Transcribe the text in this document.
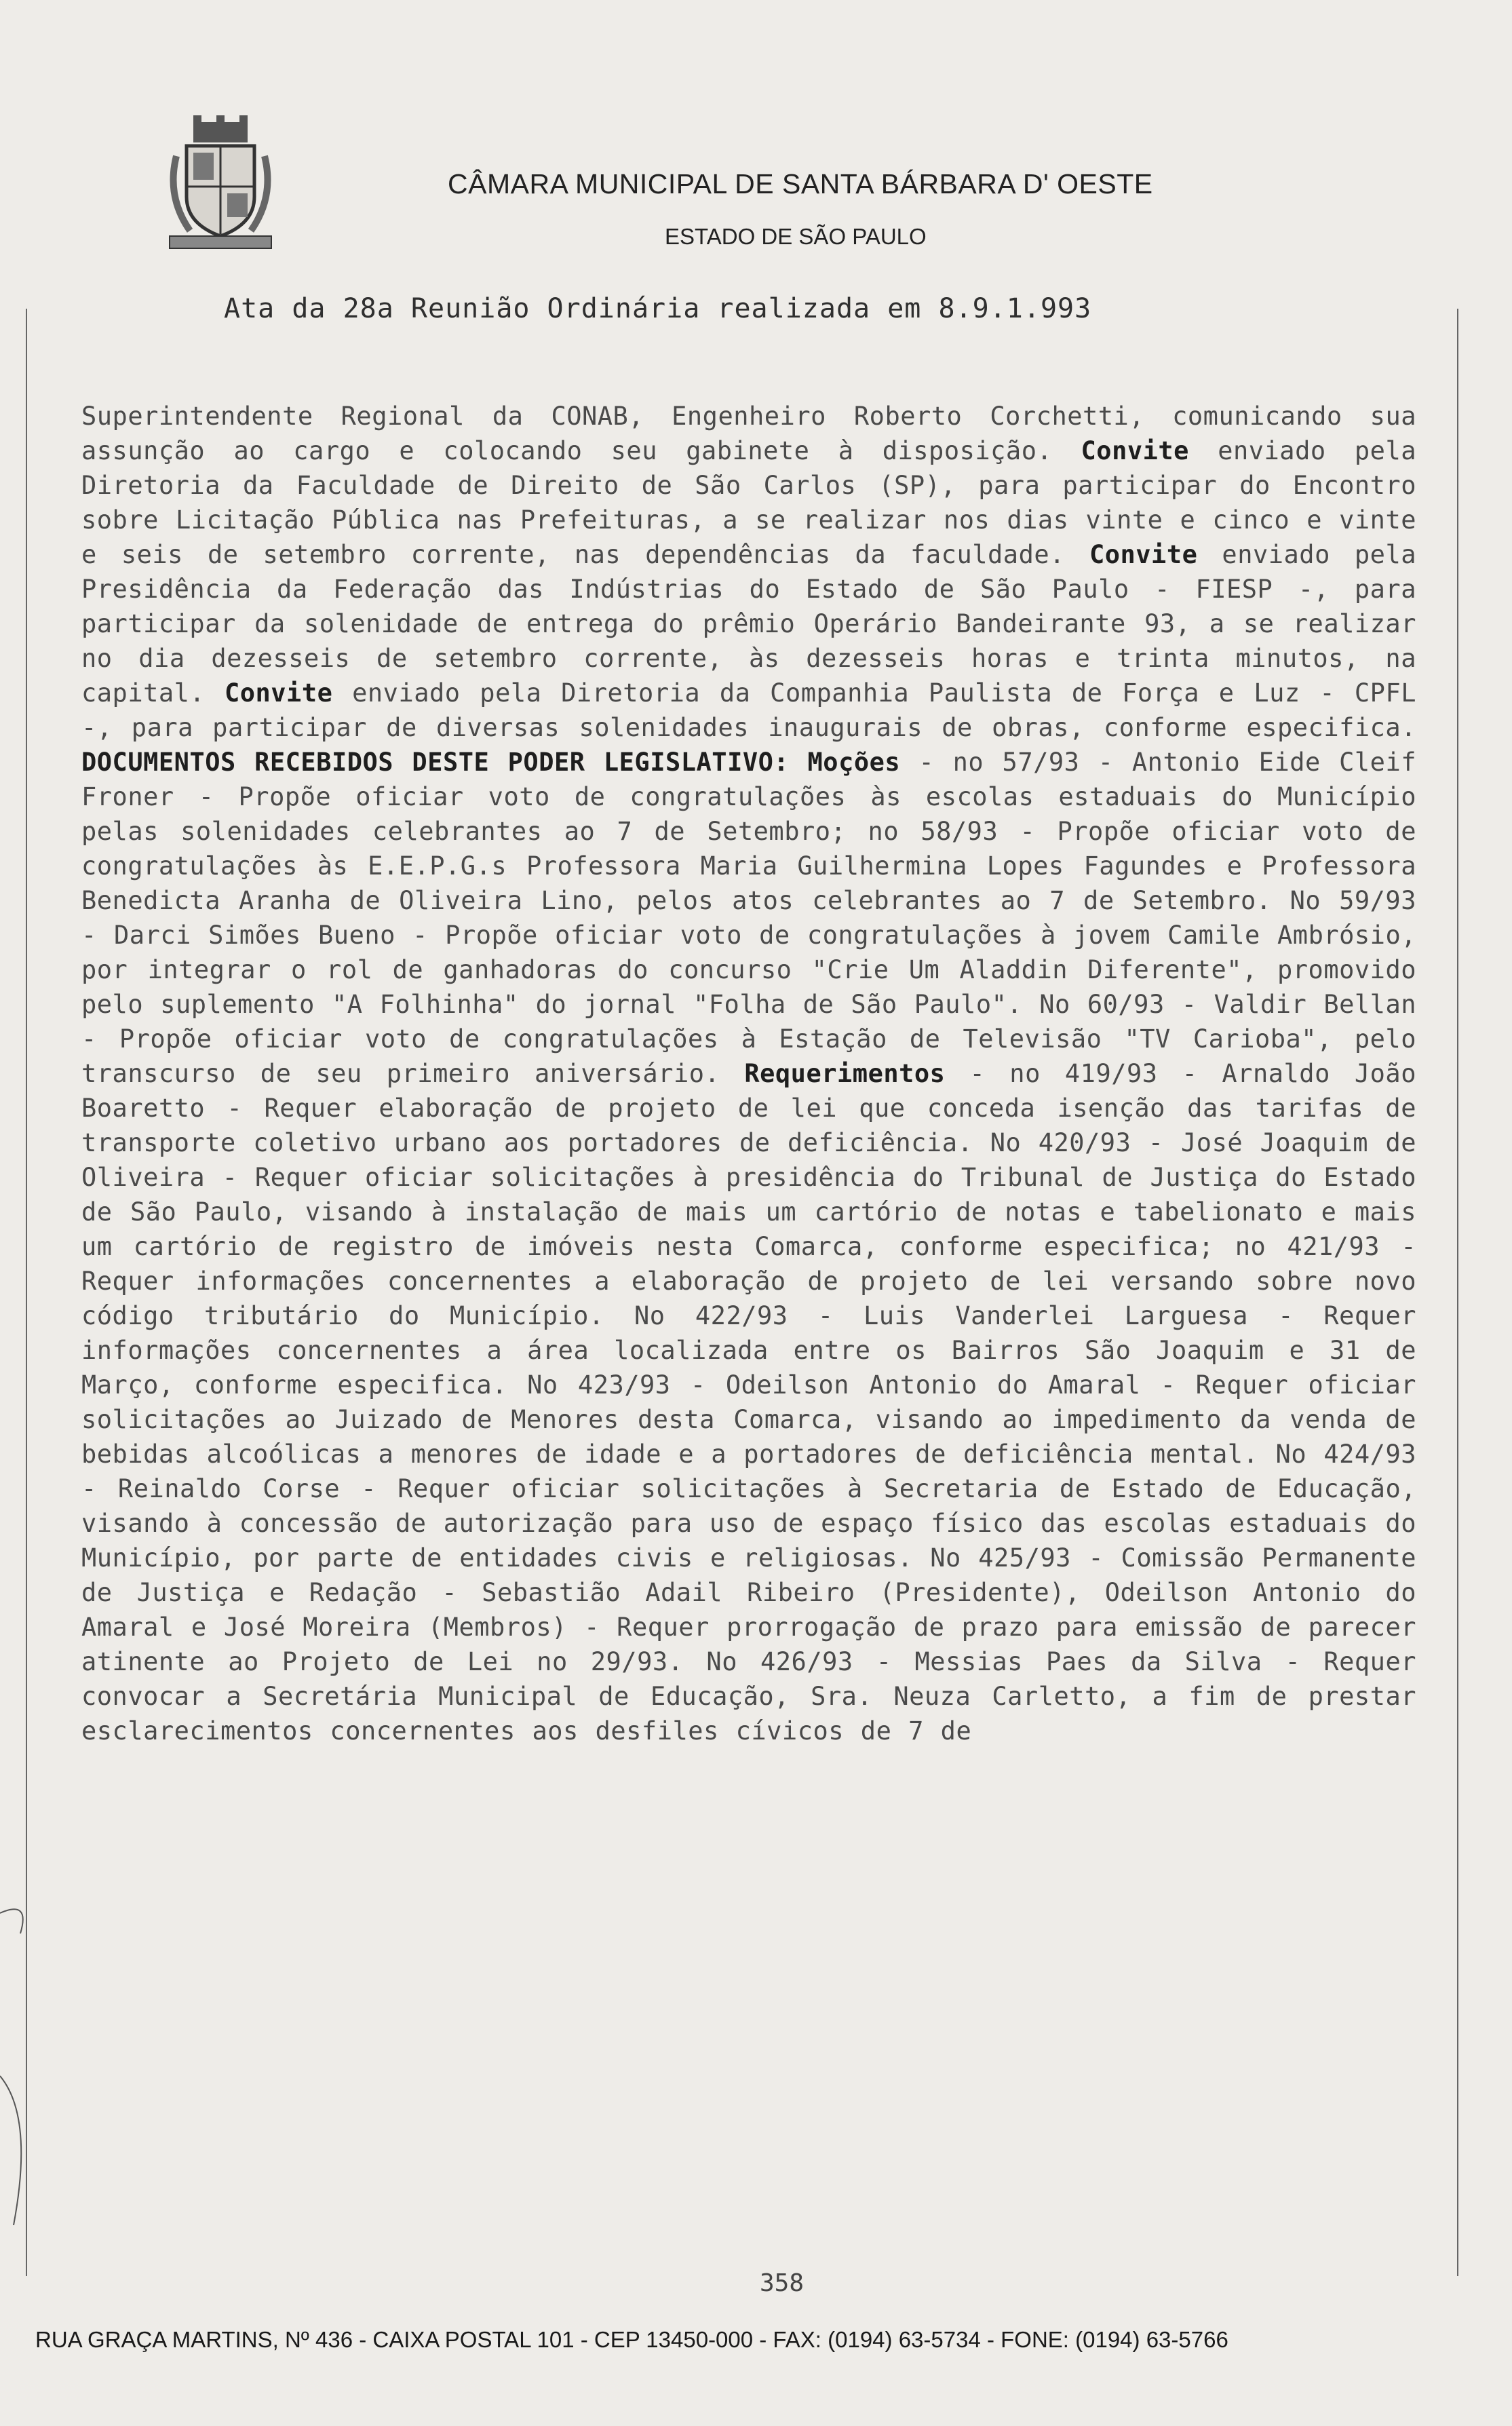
CÂMARA MUNICIPAL DE SANTA BÁRBARA D' OESTE
ESTADO DE SÃO PAULO
Ata da 28a Reunião Ordinária realizada em 8.9.1.993
Superintendente Regional da CONAB, Engenheiro Roberto Corchetti, comunicando sua assunção ao cargo e colocando seu gabinete à disposição. Convite enviado pela Diretoria da Faculdade de Direito de São Carlos (SP), para participar do Encontro sobre Licitação Pública nas Prefeituras, a se realizar nos dias vinte e cinco e vinte e seis de setembro corrente, nas dependências da faculdade. Convite enviado pela Presidência da Federação das Indústrias do Estado de São Paulo - FIESP -, para participar da solenidade de entrega do prêmio Operário Bandeirante 93, a se realizar no dia dezesseis de setembro corrente, às dezesseis horas e trinta minutos, na capital. Convite enviado pela Diretoria da Companhia Paulista de Força e Luz - CPFL -, para participar de diversas solenidades inaugurais de obras, conforme especifica. DOCUMENTOS RECEBIDOS DESTE PODER LEGISLATIVO: Moções - no 57/93 - Antonio Eide Cleif Froner - Propõe oficiar voto de congratulações às escolas estaduais do Município pelas solenidades celebrantes ao 7 de Setembro; no 58/93 - Propõe oficiar voto de congratulações às E.E.P.G.s Professora Maria Guilhermina Lopes Fagundes e Professora Benedicta Aranha de Oliveira Lino, pelos atos celebrantes ao 7 de Setembro. No 59/93 - Darci Simões Bueno - Propõe oficiar voto de congratulações à jovem Camile Ambrósio, por integrar o rol de ganhadoras do concurso "Crie Um Aladdin Diferente", promovido pelo suplemento "A Folhinha" do jornal "Folha de São Paulo". No 60/93 - Valdir Bellan - Propõe oficiar voto de congratulações à Estação de Televisão "TV Carioba", pelo transcurso de seu primeiro aniversário. Requerimentos - no 419/93 - Arnaldo João Boaretto - Requer elaboração de projeto de lei que conceda isenção das tarifas de transporte coletivo urbano aos portadores de deficiência. No 420/93 - José Joaquim de Oliveira - Requer oficiar solicitações à presidência do Tribunal de Justiça do Estado de São Paulo, visando à instalação de mais um cartório de notas e tabelionato e mais um cartório de registro de imóveis nesta Comarca, conforme especifica; no 421/93 - Requer informações concernentes a elaboração de projeto de lei versando sobre novo código tributário do Município. No 422/93 - Luis Vanderlei Larguesa - Requer informações concernentes a área localizada entre os Bairros São Joaquim e 31 de Março, conforme especifica. No 423/93 - Odeilson Antonio do Amaral - Requer oficiar solicitações ao Juizado de Menores desta Comarca, visando ao impedimento da venda de bebidas alcoólicas a menores de idade e a portadores de deficiência mental. No 424/93 - Reinaldo Corse - Requer oficiar solicitações à Secretaria de Estado de Educação, visando à concessão de autorização para uso de espaço físico das escolas estaduais do Município, por parte de entidades civis e religiosas. No 425/93 - Comissão Permanente de Justiça e Redação - Sebastião Adail Ribeiro (Presidente), Odeilson Antonio do Amaral e José Moreira (Membros) - Requer prorrogação de prazo para emissão de parecer atinente ao Projeto de Lei no 29/93. No 426/93 - Messias Paes da Silva - Requer convocar a Secretária Municipal de Educação, Sra. Neuza Carletto, a fim de prestar esclarecimentos concernentes aos desfiles cívicos de 7 de
358
RUA GRAÇA MARTINS, Nº 436 - CAIXA POSTAL 101 - CEP 13450-000 - FAX: (0194) 63-5734 - FONE: (0194) 63-5766
